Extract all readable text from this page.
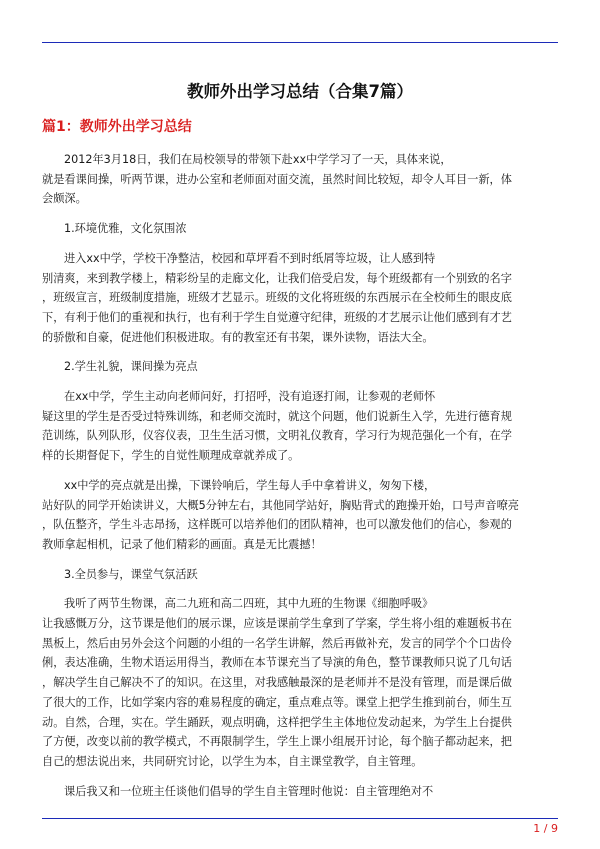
教师外出学习总结（合集7篇）
篇1：教师外出学习总结

2012年3月18日，我们在局校领导的带领下赴xx中学学习了一天，具体来说，
就是看课间操，听两节课，进办公室和老师面对面交流，虽然时间比较短，却令人耳目一新，体
会颇深。

1.环境优雅，文化氛围浓

进入xx中学，学校干净整洁，校园和草坪看不到时纸屑等垃圾，让人感到特
别清爽，来到教学楼上，精彩纷呈的走廊文化，让我们倍受启发，每个班级都有一个别致的名字
，班级宣言，班级制度措施，班级才艺显示。班级的文化将班级的东西展示在全校师生的眼皮底
下，有利于他们的重视和执行，也有利于学生自觉遵守纪律，班级的才艺展示让他们感到有才艺
的骄傲和自豪，促进他们积极进取。有的教室还有书架，课外读物，语法大全。

2.学生礼貌，课间操为亮点

在xx中学，学生主动向老师问好，打招呼，没有追逐打闹，让参观的老师怀
疑这里的学生是否受过特殊训练，和老师交流时，就这个问题，他们说新生入学，先进行德育规
范训练，队列队形，仪容仪表，卫生生活习惯，文明礼仪教育，学习行为规范强化一个有，在学
样的长期督促下，学生的自觉性顺理成章就养成了。

xx中学的亮点就是出操，下课铃响后，学生每人手中拿着讲义，匆匆下楼，
站好队的同学开始读讲义，大概5分钟左右，其他同学站好，胸贴背式的跑操开始，口号声音嘹亮
，队伍整齐，学生斗志昂扬，这样既可以培养他们的团队精神，也可以激发他们的信心，参观的
教师拿起相机，记录了他们精彩的画面。真是无比震撼！

3.全员参与，课堂气氛活跃

我听了两节生物课，高二九班和高二四班，其中九班的生物课《细胞呼吸》
让我感慨万分，这节课是他们的展示课，应该是课前学生拿到了学案，学生将小组的难题板书在
黑板上，然后由另外会这个问题的小组的一名学生讲解，然后再做补充，发言的同学个个口齿伶
俐，表达准确，生物术语运用得当，教师在本节课充当了导演的角色，整节课教师只说了几句话
，解决学生自己解决不了的知识。在这里，对我感触最深的是老师并不是没有管理，而是课后做
了很大的工作，比如学案内容的难易程度的确定，重点难点等。课堂上把学生推到前台，师生互
动。自然，合理，实在。学生踊跃，观点明确，这样把学生主体地位发动起来，为学生上台提供
了方便，改变以前的教学模式，不再限制学生，学生上课小组展开讨论，每个脑子都动起来，把
自己的想法说出来，共同研究讨论，以学生为本，自主课堂教学，自主管理。

课后我又和一位班主任谈他们倡导的学生自主管理时他说：自主管理绝对不

1 / 9
